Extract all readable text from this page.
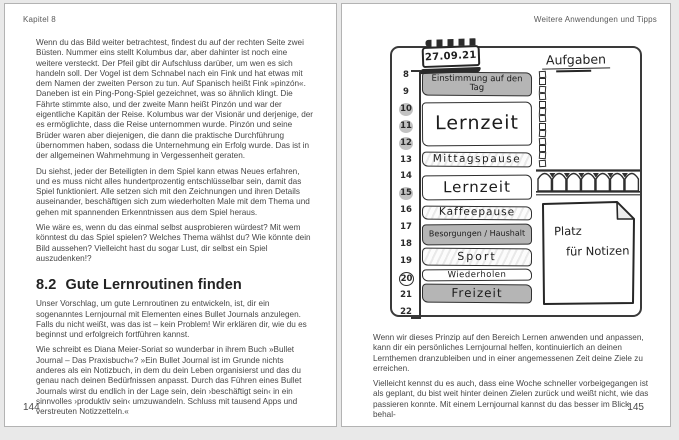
Kapitel 8

Wenn du das Bild weiter betrachtest, findest du auf der rechten Seite zwei Büsten. Nummer eins stellt Kolumbus dar, aber dahinter ist noch eine weitere versteckt. Der Pfeil gibt dir Aufschluss darüber, um wen es sich handeln soll. Der Vogel ist dem Schnabel nach ein Fink und hat etwas mit dem Namen der zweiten Person zu tun. Auf Spanisch heißt Fink »pinzón«. Daneben ist ein Ping-Pong-Spiel gezeichnet, was so ähnlich klingt. Die Fährte stimmte also, und der zweite Mann heißt Pinzón und war der eigentliche Kapitän der Reise. Kolumbus war der Visionär und derjenige, der es ermöglichte, dass die Reise unternommen wurde. Pinzón und seine Brüder waren aber diejenigen, die dann die praktische Durchführung übernommen haben, sodass die Unternehmung ein Erfolg wurde. Das ist in der allgemeinen Wahrnehmung in Vergessenheit geraten.

Du siehst, jeder der Beteiligten in dem Spiel kann etwas Neues erfahren, und es muss nicht alles hundertprozentig entschlüsselbar sein, damit das Spiel funktioniert. Alle setzen sich mit den Zeichnungen und ihren Details auseinander, beschäftigen sich zum wiederholten Male mit dem Thema und gehen mit spannenden Erkenntnissen aus dem Spiel heraus.

Wie wäre es, wenn du das einmal selbst ausprobieren würdest? Mit wem könntest du das Spiel spielen? Welches Thema wählst du? Wie könnte dein Bild aussehen? Vielleicht hast du sogar Lust, dir selbst ein Spiel auszudenken!?

8.2 Gute Lernroutinen finden

Unser Vorschlag, um gute Lernroutinen zu entwickeln, ist, dir ein sogenanntes Lernjournal mit Elementen eines Bullet Journals anzulegen. Falls du nicht weißt, was das ist – kein Problem! Wir erklären dir, wie du es beginnst und erfolgreich fortführen kannst.

Wie schreibt es Diana Meier-Soriat so wunderbar in ihrem Buch »Bullet Journal – Das Praxisbuch«? »Ein Bullet Journal ist im Grunde nichts anderes als ein Notizbuch, in dem du dein Leben organisierst und das du genau nach deinen Bedürfnissen anpasst. Durch das Führen eines Bullet Journals wirst du endlich in der Lage sein, dein ›beschäftigt sein‹ in ein sinnvolles ›produktiv sein‹ umzuwandeln. Schluss mit tausend Apps und verstreuten Notizzetteln.«

144
Weitere Anwendungen und Tipps
27.09.21	Aufgaben
8
9
10
11
12
13
14
15
16
17
18
19
20
21
22
Einstimmung auf den Tag
Lernzeit
Mittagspause
Lernzeit
Kaffeepause
Besorgungen / Haushalt
Sport
Wiederholen
Freizeit
Platz
für Notizen

Wenn wir dieses Prinzip auf den Bereich Lernen anwenden und anpassen, kann dir ein persönliches Lernjournal helfen, kontinuierlich an deinen Lernthemen dranzubleiben und in einer angemessenen Zeit deine Ziele zu erreichen.

Vielleicht kennst du es auch, dass eine Woche schneller vorbeigegangen ist als geplant, du bist weit hinter deinen Zielen zurück und weißt nicht, wie das passieren konnte. Mit einem Lernjournal kannst du das besser im Blick behal-

145
